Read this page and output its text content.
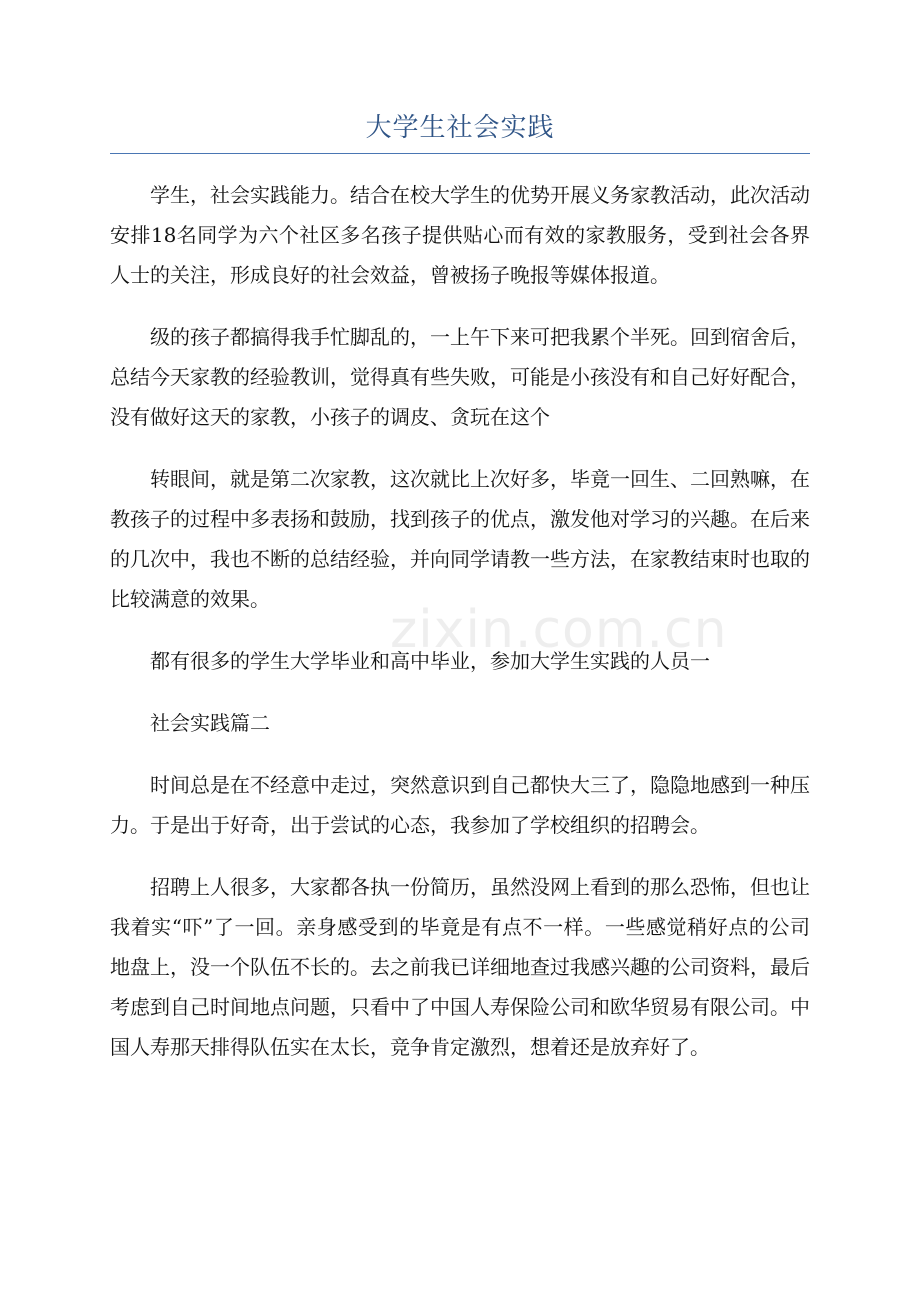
大学生社会实践

学生，社会实践能力。结合在校大学生的优势开展义务家教活动，此次活动安排18名同学为六个社区多名孩子提供贴心而有效的家教服务，受到社会各界人士的关注，形成良好的社会效益，曾被扬子晚报等媒体报道。

级的孩子都搞得我手忙脚乱的，一上午下来可把我累个半死。回到宿舍后，总结今天家教的经验教训，觉得真有些失败，可能是小孩没有和自己好好配合，没有做好这天的家教，小孩子的调皮、贪玩在这个

转眼间，就是第二次家教，这次就比上次好多，毕竟一回生、二回熟嘛，在教孩子的过程中多表扬和鼓励，找到孩子的优点，激发他对学习的兴趣。在后来的几次中，我也不断的总结经验，并向同学请教一些方法，在家教结束时也取的比较满意的效果。

都有很多的学生大学毕业和高中毕业，参加大学生实践的人员一

社会实践篇二

时间总是在不经意中走过，突然意识到自己都快大三了，隐隐地感到一种压力。于是出于好奇，出于尝试的心态，我参加了学校组织的招聘会。

招聘上人很多，大家都各执一份简历，虽然没网上看到的那么恐怖，但也让我着实“吓”了一回。亲身感受到的毕竟是有点不一样。一些感觉稍好点的公司地盘上，没一个队伍不长的。去之前我已详细地查过我感兴趣的公司资料，最后考虑到自己时间地点问题，只看中了中国人寿保险公司和欧华贸易有限公司。中国人寿那天排得队伍实在太长，竞争肯定激烈，想着还是放弃好了。

zixin.com.cn
